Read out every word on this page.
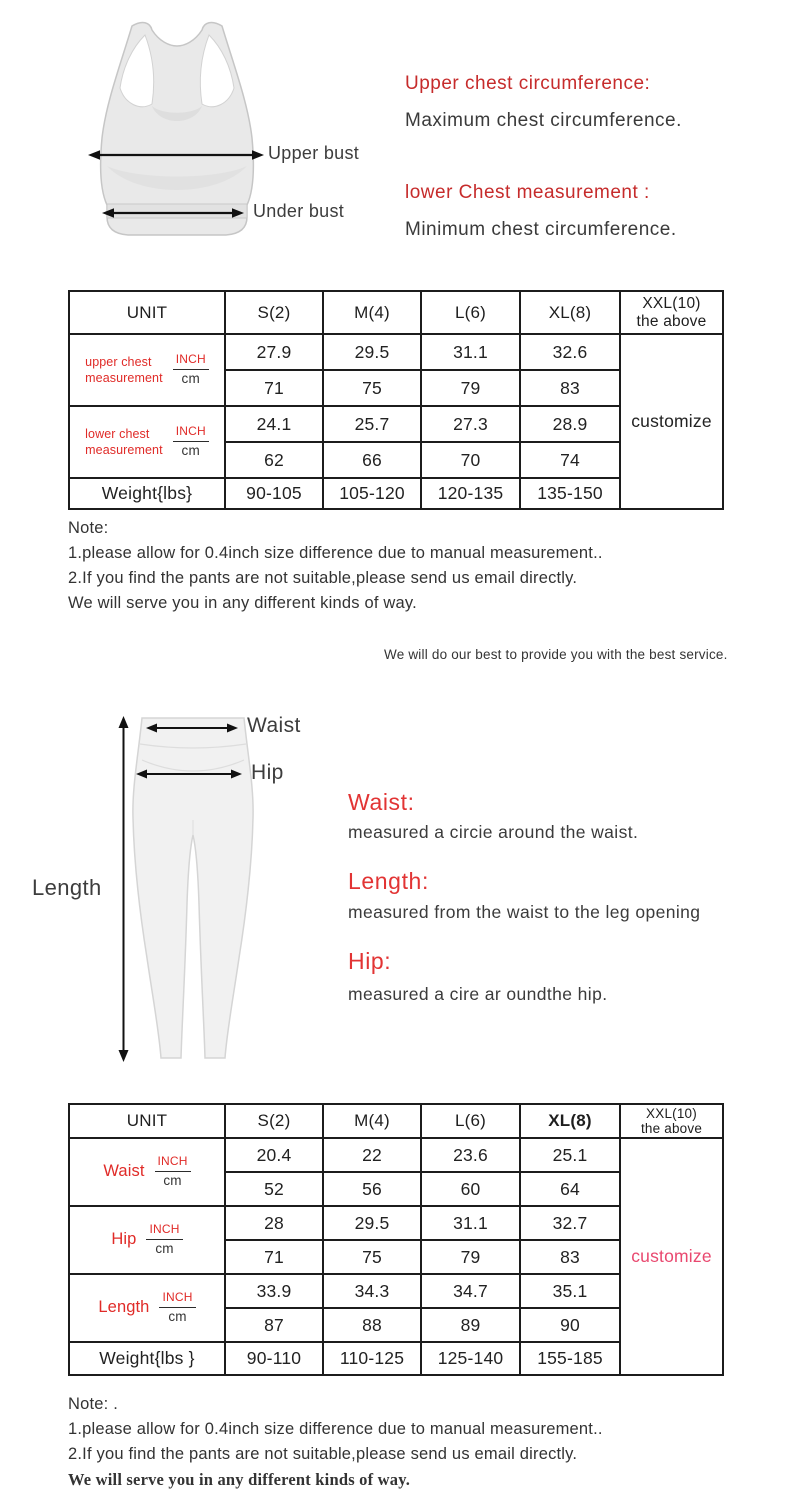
Upper bust
Under bust
Upper chest circumference:
Maximum chest circumference.
lower Chest measurement :
Minimum chest circumference.
UNIT	S(2)	M(4)	L(6)	XL(8)	XXL(10)
the above

upper chest
measurement $\frac{\text{INCH}}{cm}$	27.9	29.5	31.1	32.6	customize
	71	75	79	83	

lower chest
measurement $\frac{\text{INCH}}{cm}$	24.1	25.7	27.3	28.9	
	62	66	70	74	
Weight{lbs}	90-105	105-120	120-135	135-150	
Note:
1.please allow for 0.4inch size difference due to manual measurement..
2.If you find the pants are not suitable,please send us email directly.
We will serve you in any different kinds of way.
We will do our best to provide you with the best service.
Waist
Hip
Length
Waist:
measured a circie around the waist.
Length:
measured from the waist to the leg opening
Hip:
measured a cire ar oundthe hip.
UNIT	S(2)	M(4)	L(6)	XL(8)	XXL(10)
the above

Waist $\frac{\text{INCH}}{cm}$	20.4	22	23.6	25.1	customize
	52	56	60	64	

Hip $\frac{\text{INCH}}{cm}$	28	29.5	31.1	32.7	
	71	75	79	83	

Length $\frac{\text{INCH}}{cm}$	33.9	34.3	34.7	35.1	
	87	88	89	90	
Weight{lbs }	90-110	110-125	125-140	155-185	
Note: .
1.please allow for 0.4inch size difference due to manual measurement..
2.If you find the pants are not suitable,please send us email directly.
We will serve you in any different kinds of way.
